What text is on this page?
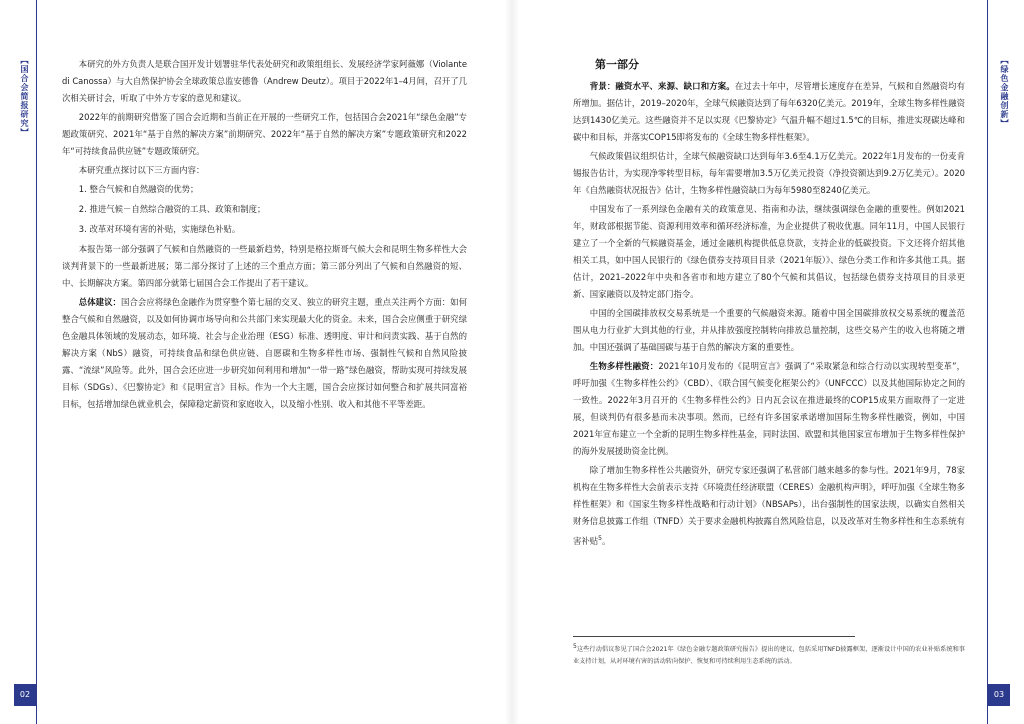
【国合会简报研究】	【绿色金融创新】

本研究的外方负责人是联合国开发计划署驻华代表处研究和政策组组长、发展经济学家阿薇娜（Violante di Canossa）与大自然保护协会全球政策总监安德鲁（Andrew Deutz）。项目于2022年1–4月间，召开了几次相关研讨会，听取了中外方专家的意见和建议。

2022年的前期研究借鉴了国合会近期和当前正在开展的一些研究工作，包括国合会2021年“绿色金融”专题政策研究、2021年“基于自然的解决方案”前期研究、2022年“基于自然的解决方案”专题政策研究和2022年“可持续食品供应链”专题政策研究。

本研究重点探讨以下三方面内容：

1. 整合气候和自然融资的优势；
2. 推进气候－自然综合融资的工具、政策和制度；
3. 改革对环境有害的补贴，实施绿色补贴。

本报告第一部分强调了气候和自然融资的一些最新趋势，特别是格拉斯哥气候大会和昆明生物多样性大会谈判背景下的一些最新进展；第二部分探讨了上述的三个重点方面；第三部分列出了气候和自然融资的短、中、长期解决方案。第四部分就第七届国合会工作提出了若干建议。

总体建议：国合会应将绿色金融作为贯穿整个第七届的交叉、独立的研究主题，重点关注两个方面：如何整合气候和自然融资，以及如何协调市场导向和公共部门来实现最大化的资金。未来，国合会应侧重于研究绿色金融具体领域的发展动态，如环境、社会与企业治理（ESG）标准、透明度、审计和问责实践、基于自然的解决方案（NbS）融资，可持续食品和绿色供应链、自愿碳和生物多样性市场、强制性气候和自然风险披露、“流绿”风险等。此外，国合会还应进一步研究如何利用和增加“一带一路”绿色融资，帮助实现可持续发展目标（SDGs）、《巴黎协定》和《昆明宣言》目标。作为一个大主题，国合会应探讨如何整合和扩展共同富裕目标，包括增加绿色就业机会，保障稳定薪资和家庭收入，以及缩小性别、收入和其他不平等差距。

第一部分

背景：融资水平、来源、缺口和方案。在过去十年中，尽管增长速度存在差异，气候和自然融资均有所增加。据估计，2019–2020年，全球气候融资达到了每年6320亿美元。2019年，全球生物多样性融资达到1430亿美元。这些融资并不足以实现《巴黎协定》气温升幅不超过1.5℃的目标，推进实现碳达峰和碳中和目标，并落实COP15即将发布的《全球生物多样性框架》。

气候政策倡议组织估计，全球气候融资缺口达到每年3.6至4.1万亿美元。2022年1月发布的一份麦肯锡报告估计，为实现净零转型目标，每年需要增加3.5万亿美元投资（净投资额达到9.2万亿美元）。2020年《自然融资状况报告》估计，生物多样性融资缺口为每年5980至8240亿美元。

中国发布了一系列绿色金融有关的政策意见、指南和办法，继续强调绿色金融的重要性。例如2021年，财政部根据节能、资源利用效率和循环经济标准，为企业提供了税收优惠。同年11月，中国人民银行建立了一个全新的气候融资基金，通过金融机构提供低息贷款，支持企业的低碳投资。下文还将介绍其他相关工具，如中国人民银行的《绿色债券支持项目目录（2021年版）》、绿色分类工作和许多其他工具。据估计，2021–2022年中央和各省市和地方建立了80个气候和其倡议，包括绿色债券支持项目的目录更新、国家融资以及特定部门指令。

中国的全国碳排放权交易系统是一个重要的气候融资来源。随着中国全国碳排放权交易系统的覆盖范围从电力行业扩大到其他的行业，并从排放强度控制转向排放总量控制，这些交易产生的收入也将随之增加。中国还强调了基础国碳与基于自然的解决方案的重要性。

生物多样性融资：2021年10月发布的《昆明宣言》强调了“采取紧急和综合行动以实现转型变革”，呼吁加强《生物多样性公约》（CBD）、《联合国气候变化框架公约》（UNFCCC）以及其他国际协定之间的一致性。2022年3月召开的《生物多样性公约》日内瓦会议在推进最终的COP15成果方面取得了一定进展，但谈判仍有很多悬而未决事项。然而，已经有许多国家承诺增加国际生物多样性融资，例如，中国2021年宣布建立一个全新的昆明生物多样性基金，同时法国、欧盟和其他国家宣布增加于生物多样性保护的海外发展援助资金比例。

除了增加生物多样性公共融资外，研究专家还强调了私营部门越来越多的参与性。2021年9月，78家机构在生物多样性大会前表示支持《环境责任经济联盟（CERES）金融机构声明》，呼吁加强《全球生物多样性框架》和《国家生物多样性战略和行动计划》（NBSAPs），出台强制性的国家法规，以确实自然相关财务信息披露工作组（TNFD）关于要求金融机构披露自然风险信息，以及改革对生物多样性和生态系统有害补贴$^5$。

$^5$这些行动倡议参见了国合会2021年《绿色金融专题政策研究报告》提出的建议，包括采用TNFD披露框架，逐渐设计中国的农业补贴系统和事业支持计划，从对环境有害的活动转向保护、恢复和可持续利用生态系统的活动。
02	03
